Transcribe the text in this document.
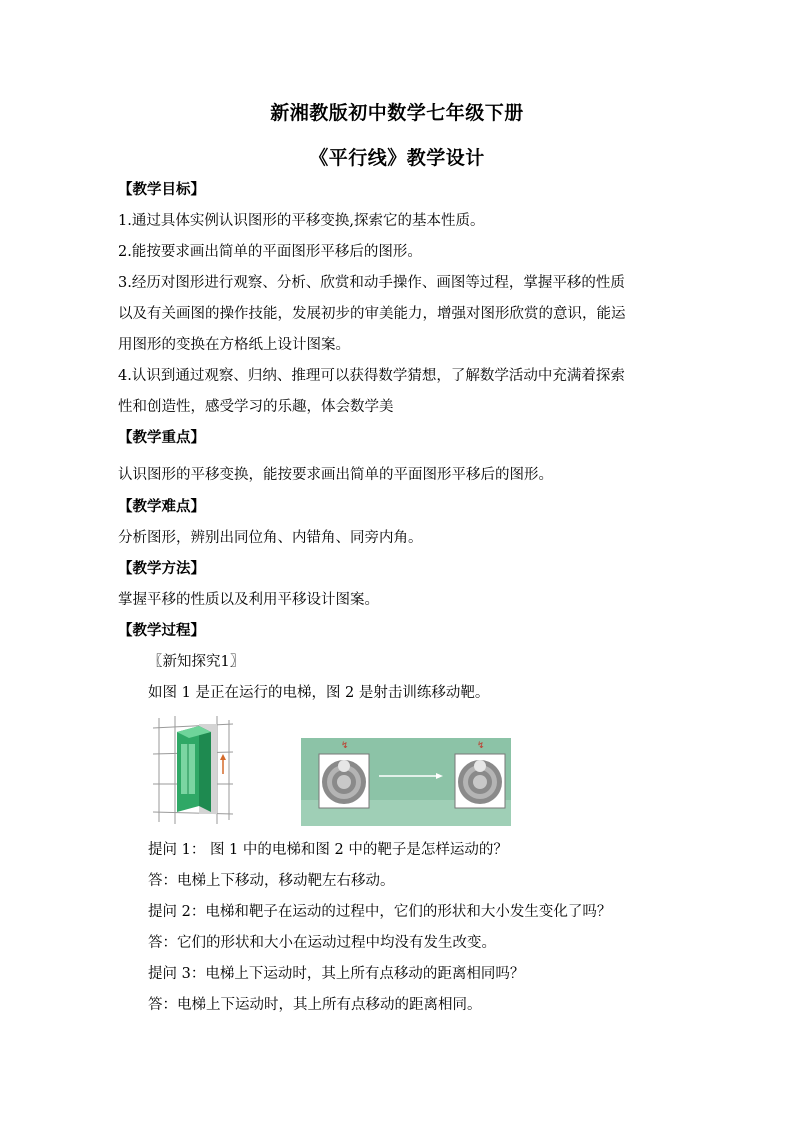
新湘教版初中数学七年级下册
《平行线》教学设计
【教学目标】
1.通过具体实例认识图形的平移变换,探索它的基本性质。
2.能按要求画出简单的平面图形平移后的图形。
3.经历对图形进行观察、分析、欣赏和动手操作、画图等过程，掌握平移的性质
以及有关画图的操作技能，发展初步的审美能力，增强对图形欣赏的意识，能运
用图形的变换在方格纸上设计图案。
4.认识到通过观察、归纳、推理可以获得数学猜想，了解数学活动中充满着探索
性和创造性，感受学习的乐趣，体会数学美
【教学重点】
认识图形的平移变换，能按要求画出简单的平面图形平移后的图形。
【教学难点】
分析图形，辨别出同位角、内错角、同旁内角。
【教学方法】
掌握平移的性质以及利用平移设计图案。
【教学过程】
〖新知探究1〗
如图 1 是正在运行的电梯，图 2 是射击训练移动靶。
↯	↯
提问 1： 图 1 中的电梯和图 2 中的靶子是怎样运动的？
答：电梯上下移动，移动靶左右移动。
提问 2：电梯和靶子在运动的过程中，它们的形状和大小发生变化了吗？
答：它们的形状和大小在运动过程中均没有发生改变。
提问 3：电梯上下运动时，其上所有点移动的距离相同吗？
答：电梯上下运动时，其上所有点移动的距离相同。
